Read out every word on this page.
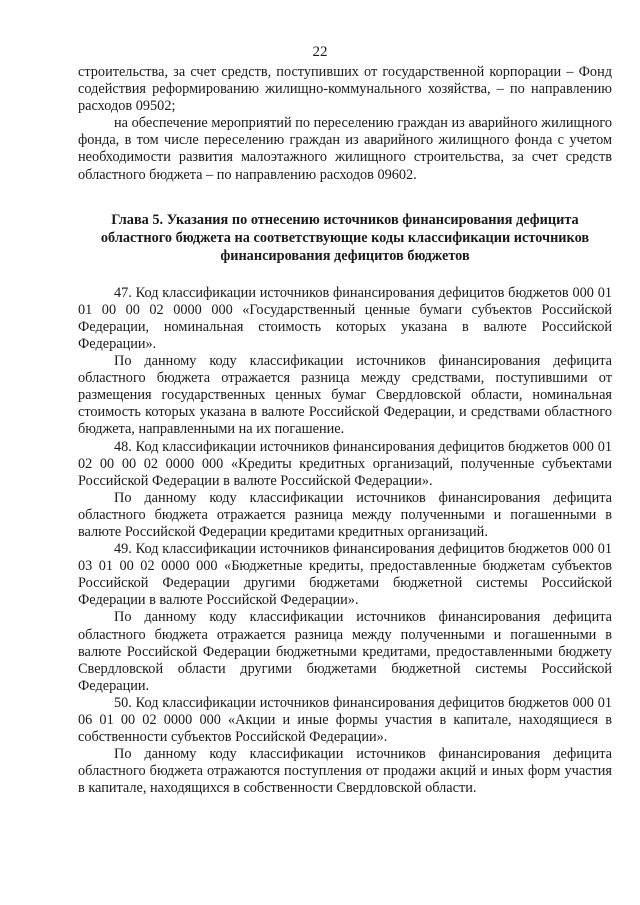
22

строительства, за счет средств, поступивших от государственной корпорации – Фонд содействия реформированию жилищно-коммунального хозяйства, – по направлению расходов 09502;

на обеспечение мероприятий по переселению граждан из аварийного жилищного фонда, в том числе переселению граждан из аварийного жилищного фонда с учетом необходимости развития малоэтажного жилищного строительства, за счет средств областного бюджета – по направлению расходов 09602.

Глава 5. Указания по отнесению источников финансирования дефицита областного бюджета на соответствующие коды классификации источников финансирования дефицитов бюджетов

47. Код классификации источников финансирования дефицитов бюджетов 000 01 01 00 00 02 0000 000 «Государственный ценные бумаги субъектов Российской Федерации, номинальная стоимость которых указана в валюте Российской Федерации».

По данному коду классификации источников финансирования дефицита областного бюджета отражается разница между средствами, поступившими от размещения государственных ценных бумаг Свердловской области, номинальная стоимость которых указана в валюте Российской Федерации, и средствами областного бюджета, направленными на их погашение.

48. Код классификации источников финансирования дефицитов бюджетов 000 01 02 00 00 02 0000 000 «Кредиты кредитных организаций, полученные субъектами Российской Федерации в валюте Российской Федерации».

По данному коду классификации источников финансирования дефицита областного бюджета отражается разница между полученными и погашенными в валюте Российской Федерации кредитами кредитных организаций.

49. Код классификации источников финансирования дефицитов бюджетов 000 01 03 01 00 02 0000 000 «Бюджетные кредиты, предоставленные бюджетам субъектов Российской Федерации другими бюджетами бюджетной системы Российской Федерации в валюте Российской Федерации».

По данному коду классификации источников финансирования дефицита областного бюджета отражается разница между полученными и погашенными в валюте Российской Федерации бюджетными кредитами, предоставленными бюджету Свердловской области другими бюджетами бюджетной системы Российской Федерации.

50. Код классификации источников финансирования дефицитов бюджетов 000 01 06 01 00 02 0000 000 «Акции и иные формы участия в капитале, находящиеся в собственности субъектов Российской Федерации».

По данному коду классификации источников финансирования дефицита областного бюджета отражаются поступления от продажи акций и иных форм участия в капитале, находящихся в собственности Свердловской области.
